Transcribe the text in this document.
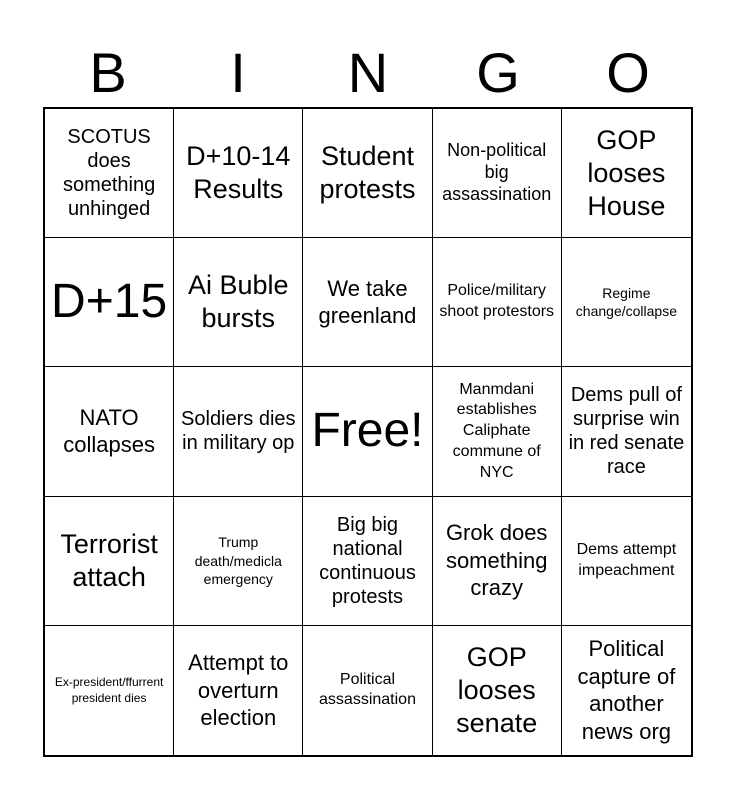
B	I	N	G	O
SCOTUS does something unhinged
D+10-14 Results
Student protests
Non-political big assassination
GOP looses House
D+15 Ai Buble bursts
We take greenland
Police/military shoot protestors
Regime change/collapse
NATO collapses
Soldiers dies in military op Free!
Manmdani establishes Caliphate commune of NYC
Dems pull of surprise win in red senate race
Terrorist attach
Trump death/medicla emergency
Big big national continuous protests
Grok does something crazy
Dems attempt impeachment
Ex-president/ffurrent president dies
Attempt to overturn election
Political assassination
GOP looses senate
Political capture of another news org
